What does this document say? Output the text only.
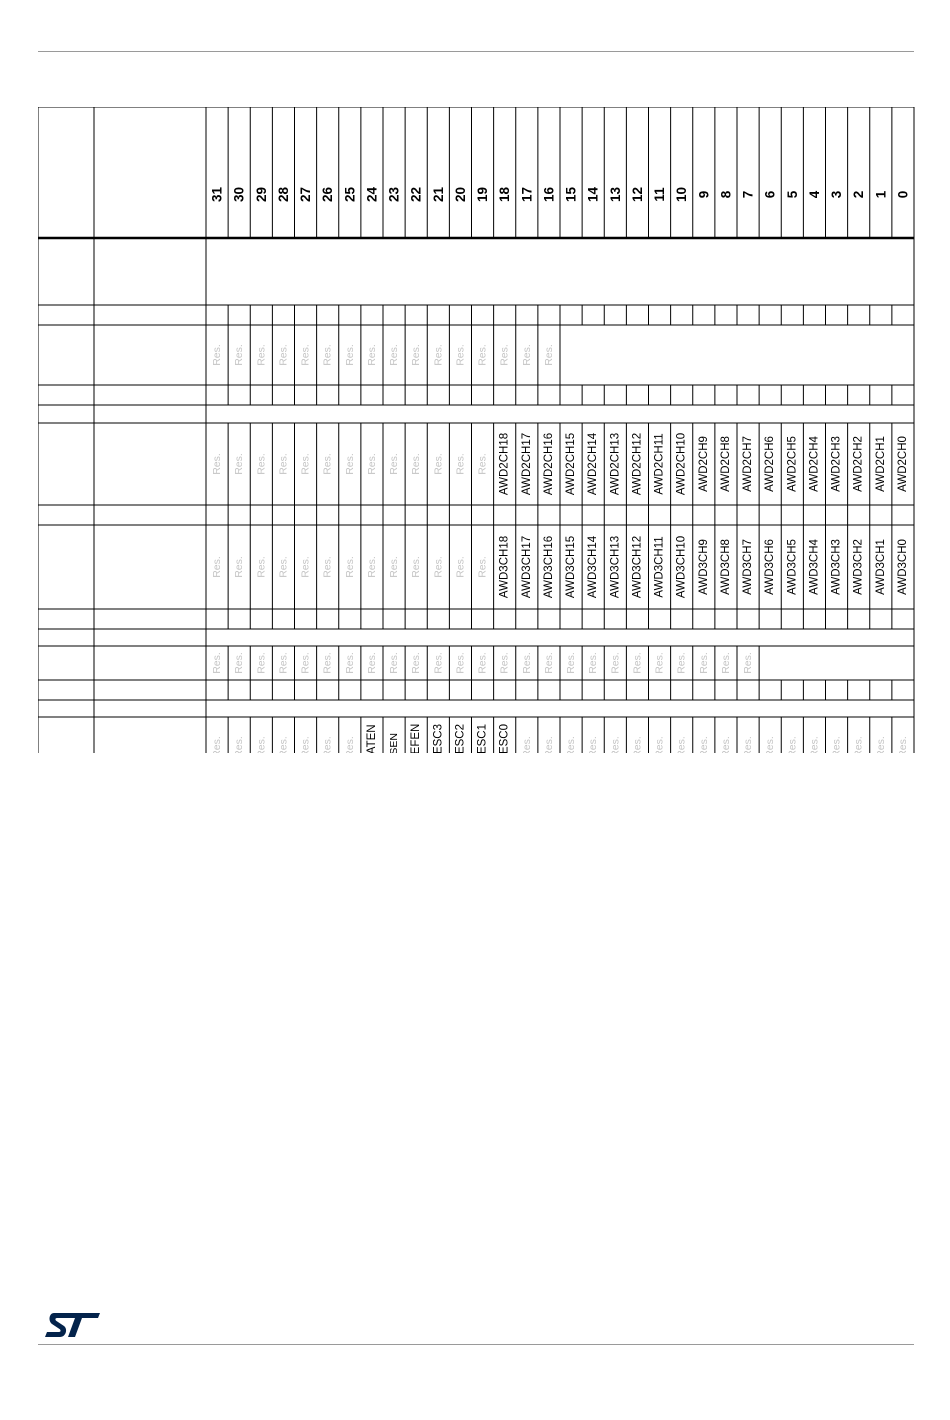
31 30 29 28 27 26 25 24 23 22 21 20 19 18 17 16 15 14 13 12 11 10 9 8 7 6 5 4 3 2 1 0
Res. Res. Res. Res. Res. Res. Res. Res. Res. Res. Res. Res. Res. Res. Res. Res.
Res. Res. Res. Res. Res. Res. Res. Res. Res. Res. Res. Res. Res. AWD2CH18 AWD2CH17 AWD2CH16 AWD2CH15 AWD2CH14 AWD2CH13 AWD2CH12 AWD2CH11 AWD2CH10 AWD2CH9 AWD2CH8 AWD2CH7 AWD2CH6 AWD2CH5 AWD2CH4 AWD2CH3 AWD2CH2 AWD2CH1 AWD2CH0
Res. Res. Res. Res. Res. Res. Res. Res. Res. Res. Res. Res. Res. AWD3CH18 AWD3CH17 AWD3CH16 AWD3CH15 AWD3CH14 AWD3CH13 AWD3CH12 AWD3CH11 AWD3CH10 AWD3CH9 AWD3CH8 AWD3CH7 AWD3CH6 AWD3CH5 AWD3CH4 AWD3CH3 AWD3CH2 AWD3CH1 AWD3CH0
Res. Res. Res. Res. Res. Res. Res. Res. Res. Res. Res. Res. Res. Res. Res. Res. Res. Res. Res. Res. Res. Res. Res. Res. Res.
Res. Res. Res. Res. Res. Res. Res. VBATEN TSEN VREFEN PRESC3 PRESC2 PRESC1 PRESC0 Res. Res. Res. Res. Res. Res. Res. Res. Res. Res. Res. Res. Res. Res. Res. Res. Res. Res.
